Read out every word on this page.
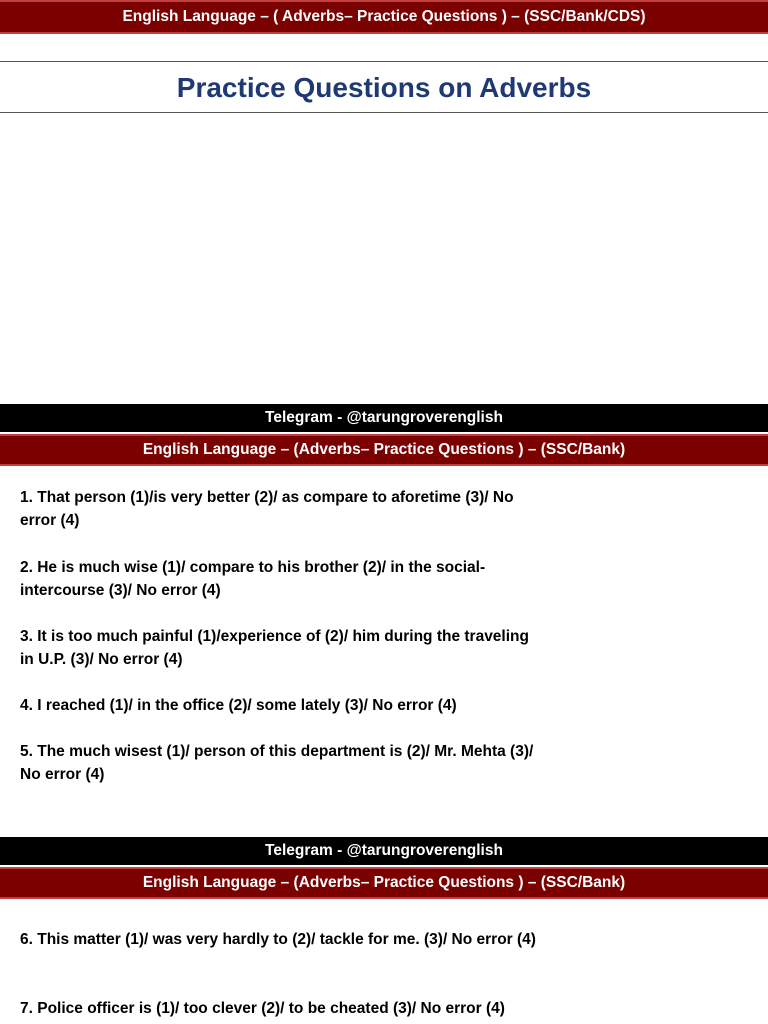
English Language – ( Adverbs– Practice Questions ) – (SSC/Bank/CDS)
Practice Questions on Adverbs
Telegram - @tarungroverenglish
English Language – (Adverbs– Practice Questions ) – (SSC/Bank)
1. That person (1)/is very better (2)/ as compare to aforetime (3)/ No error (4)
2. He is much wise (1)/ compare to his brother (2)/ in the social-intercourse (3)/ No error (4)
3. It is too much painful (1)/experience of (2)/ him during the traveling in U.P. (3)/ No error (4)
4. I reached (1)/ in the office (2)/ some lately (3)/ No error (4)
5. The much wisest (1)/ person of this department is (2)/ Mr. Mehta (3)/ No error (4)
Telegram - @tarungroverenglish
English Language – (Adverbs– Practice Questions ) – (SSC/Bank)
6. This matter (1)/ was very hardly to (2)/ tackle for me. (3)/ No error (4)
7. Police officer is (1)/ too clever (2)/ to be cheated (3)/ No error (4)
